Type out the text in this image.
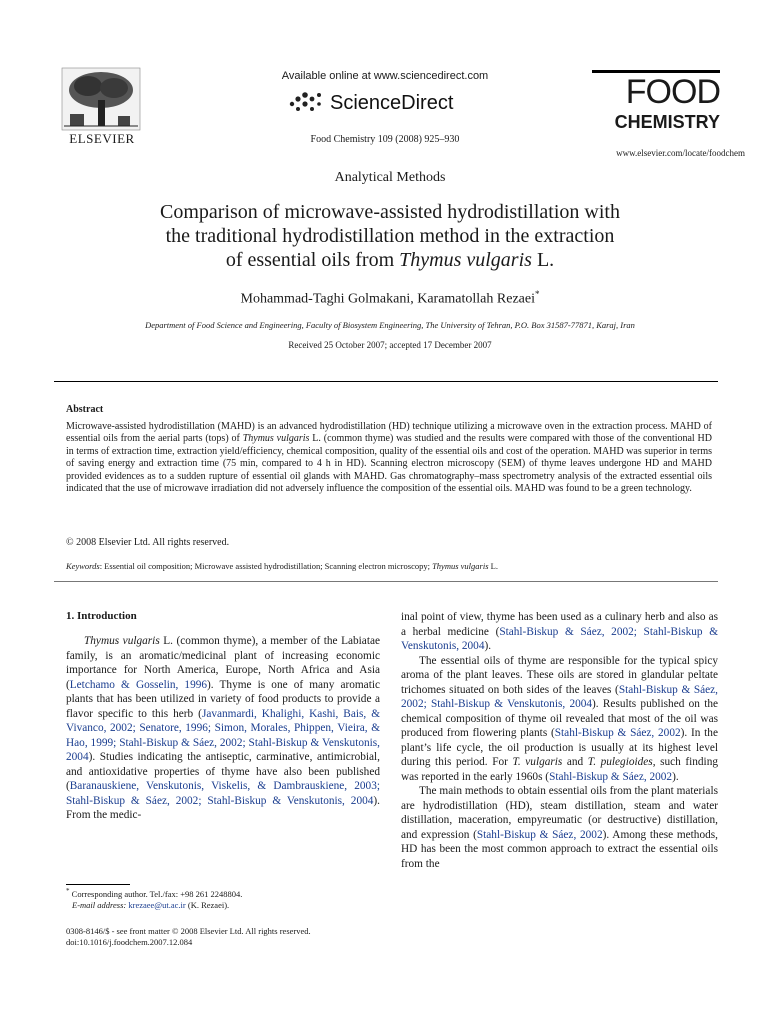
ELSEVIER
Available online at www.sciencedirect.com
ScienceDirect
Food Chemistry 109 (2008) 925–930
FOOD
CHEMISTRY
www.elsevier.com/locate/foodchem
Analytical Methods
Comparison of microwave-assisted hydrodistillation with
the traditional hydrodistillation method in the extraction
of essential oils from Thymus vulgaris L.
Mohammad-Taghi Golmakani, Karamatollah Rezaei*
Department of Food Science and Engineering, Faculty of Biosystem Engineering, The University of Tehran, P.O. Box 31587-77871, Karaj, Iran
Received 25 October 2007; accepted 17 December 2007
Abstract
Microwave-assisted hydrodistillation (MAHD) is an advanced hydrodistillation (HD) technique utilizing a microwave oven in the extraction process. MAHD of essential oils from the aerial parts (tops) of Thymus vulgaris L. (common thyme) was studied and the results were compared with those of the conventional HD in terms of extraction time, extraction yield/efficiency, chemical composition, quality of the essential oils and cost of the operation. MAHD was superior in terms of saving energy and extraction time (75 min, compared to 4 h in HD). Scanning electron microscopy (SEM) of thyme leaves undergone HD and MAHD provided evidences as to a sudden rupture of essential oil glands with MAHD. Gas chromatography–mass spectrometry analysis of the extracted essential oils indicated that the use of microwave irradiation did not adversely influence the composition of the essential oils. MAHD was found to be a green technology.
© 2008 Elsevier Ltd. All rights reserved.
Keywords: Essential oil composition; Microwave assisted hydrodistillation; Scanning electron microscopy; Thymus vulgaris L.
1. Introduction

Thymus vulgaris L. (common thyme), a member of the Labiatae family, is an aromatic/medicinal plant of increasing economic importance for North America, Europe, North Africa and Asia (Letchamo & Gosselin, 1996). Thyme is one of many aromatic plants that has been utilized in variety of food products to provide a flavor specific to this herb (Javanmardi, Khalighi, Kashi, Bais, & Vivanco, 2002; Senatore, 1996; Simon, Morales, Phippen, Vieira, & Hao, 1999; Stahl-Biskup & Sáez, 2002; Stahl-Biskup & Venskutonis, 2004). Studies indicating the antiseptic, carminative, antimicrobial, and antioxidative properties of thyme have also been published (Baranauskiene, Venskutonis, Viskelis, & Dambrauskiene, 2003; Stahl-Biskup & Sáez, 2002; Stahl-Biskup & Venskutonis, 2004). From the medic-

inal point of view, thyme has been used as a culinary herb and also as a herbal medicine (Stahl-Biskup & Sáez, 2002; Stahl-Biskup & Venskutonis, 2004).

The essential oils of thyme are responsible for the typical spicy aroma of the plant leaves. These oils are stored in glandular peltate trichomes situated on both sides of the leaves (Stahl-Biskup & Sáez, 2002; Stahl-Biskup & Venskutonis, 2004). Results published on the chemical composition of thyme oil revealed that most of the oil was produced from flowering plants (Stahl-Biskup & Sáez, 2002). In the plant’s life cycle, the oil production is usually at its highest level during this period. For T. vulgaris and T. pulegioides, such finding was reported in the early 1960s (Stahl-Biskup & Sáez, 2002).

The main methods to obtain essential oils from the plant materials are hydrodistillation (HD), steam distillation, steam and water distillation, maceration, empyreumatic (or destructive) distillation, and expression (Stahl-Biskup & Sáez, 2002). Among these methods, HD has been the most common approach to extract the essential oils from the

* Corresponding author. Tel./fax: +98 261 2248804.
E-mail address: krezaee@ut.ac.ir (K. Rezaei).
0308-8146/$ - see front matter © 2008 Elsevier Ltd. All rights reserved.
doi:10.1016/j.foodchem.2007.12.084
